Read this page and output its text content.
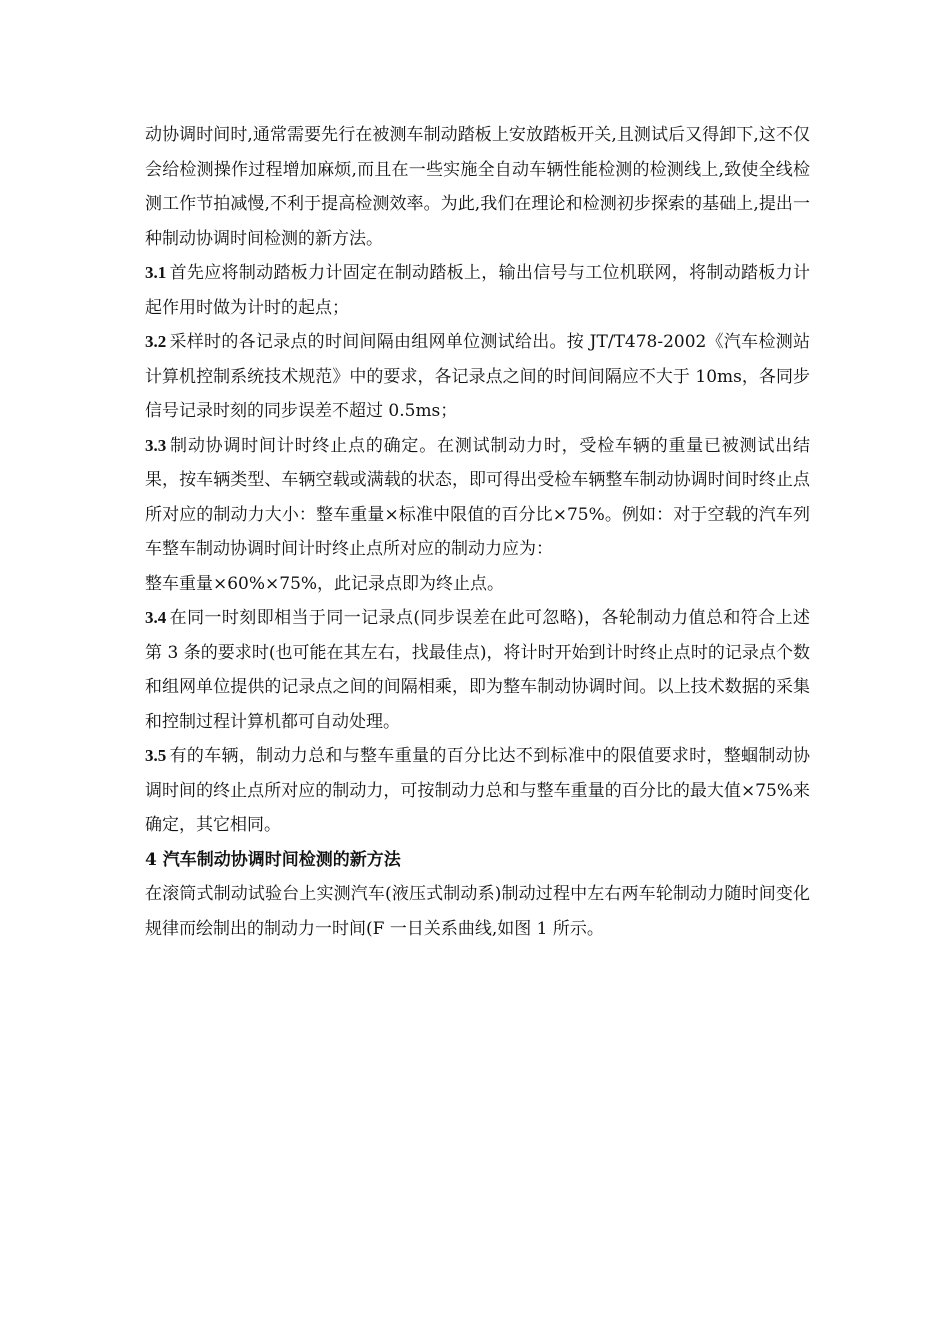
动协调时间时,通常需要先行在被测车制动踏板上安放踏板开关,且测试后又得卸下,这不仅会给检测操作过程增加麻烦,而且在一些实施全自动车辆性能检测的检测线上,致使全线检测工作节拍减慢,不利于提高检测效率。为此,我们在理论和检测初步探索的基础上,提出一种制动协调时间检测的新方法。

3.1 首先应将制动踏板力计固定在制动踏板上，输出信号与工位机联网，将制动踏板力计起作用时做为计时的起点；

3.2 采样时的各记录点的时间间隔由组网单位测试给出。按 JT/T478-2002《汽车检测站计算机控制系统技术规范》中的要求，各记录点之间的时间间隔应不大于 10ms，各同步信号记录时刻的同步误差不超过 0.5ms；

3.3 制动协调时间计时终止点的确定。在测试制动力时，受检车辆的重量已被测试出结果，按车辆类型、车辆空载或满载的状态，即可得出受检车辆整车制动协调时间时终止点所对应的制动力大小：整车重量×标准中限值的百分比×75%。例如：对于空载的汽车列车整车制动协调时间计时终止点所对应的制动力应为：

整车重量×60%×75%，此记录点即为终止点。

3.4 在同一时刻即相当于同一记录点(同步误差在此可忽略)，各轮制动力值总和符合上述第 3 条的要求时(也可能在其左右，找最佳点)，将计时开始到计时终止点时的记录点个数和组网单位提供的记录点之间的间隔相乘，即为整车制动协调时间。以上技术数据的采集和控制过程计算机都可自动处理。

3.5 有的车辆，制动力总和与整车重量的百分比达不到标准中的限值要求时，整蝈制动协调时间的终止点所对应的制动力，可按制动力总和与整车重量的百分比的最大值×75%来确定，其它相同。

4 汽车制动协调时间检测的新方法

在滚筒式制动试验台上实测汽车(液压式制动系)制动过程中左右两车轮制动力随时间变化规律而绘制出的制动力一时间(F 一日关系曲线,如图 1 所示。
